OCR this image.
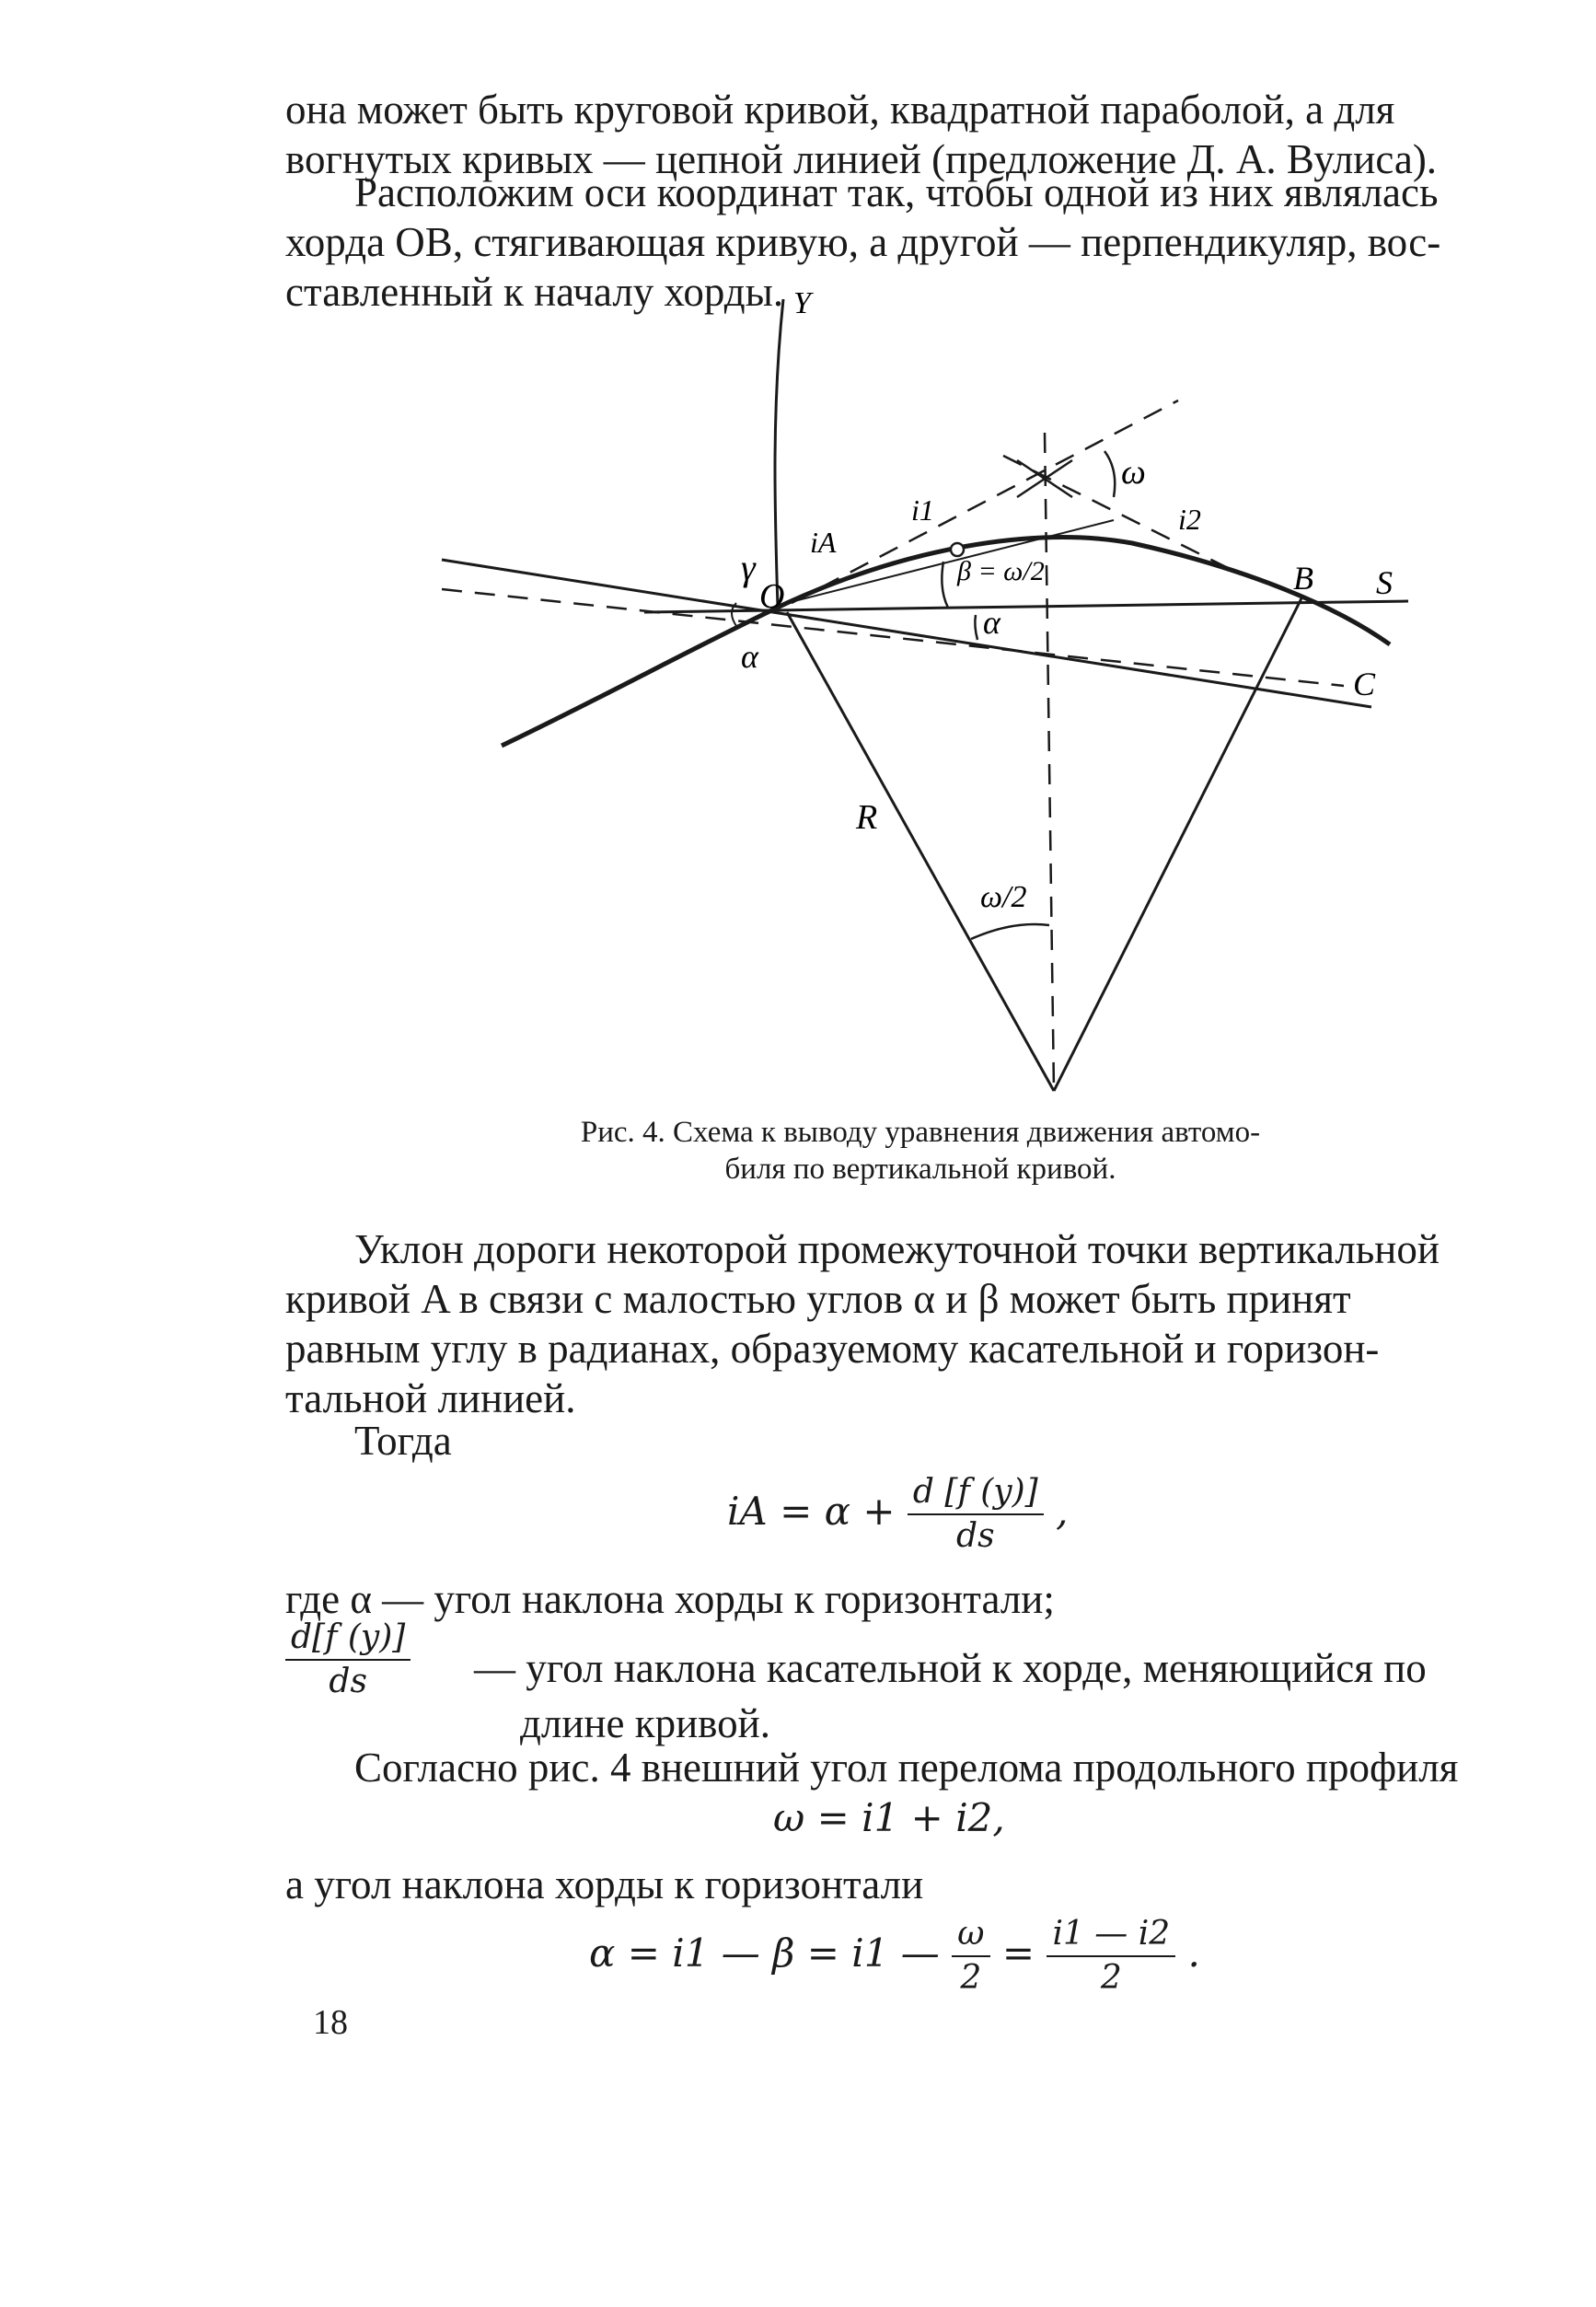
она может быть круговой кривой, квадратной параболой, а для
вогнутых кривых — цепной линией (предложение Д. А. Вулиса).
Расположим оси координат так, чтобы одной из них являлась
хорда OB, стягивающая кривую, а другой — перпендикуляр, вос-
ставленный к началу хорды. Y
O
γ
α
iA
i1	i2
ω
β = ω/2
α
B S
C
R
ω/2
Рис. 4. Схема к выводу уравнения движения автомо-
биля по вертикальной кривой.
Уклон дороги некоторой промежуточной точки вертикальной
кривой A в связи с малостью углов α и β может быть принят
равным углу в радианах, образуемому касательной и горизон-
тальной линией.
Тогда
iA = $\alpha + \frac{d [f (y)]}{ds}$ ,
где α — угол наклона хорды к горизонтали;
$\frac{d[f (y)]}{ds}$ — угол наклона касательной к хорде, меняющийся по
длине кривой.
Согласно рис. 4 внешний угол перелома продольного профиля
ω = i1 + i2,
а угол наклона хорды к горизонтали
α = i1 — β = i1 — $\frac{\omega}{2} = \frac{i1 — i2}{2}$ .
18
